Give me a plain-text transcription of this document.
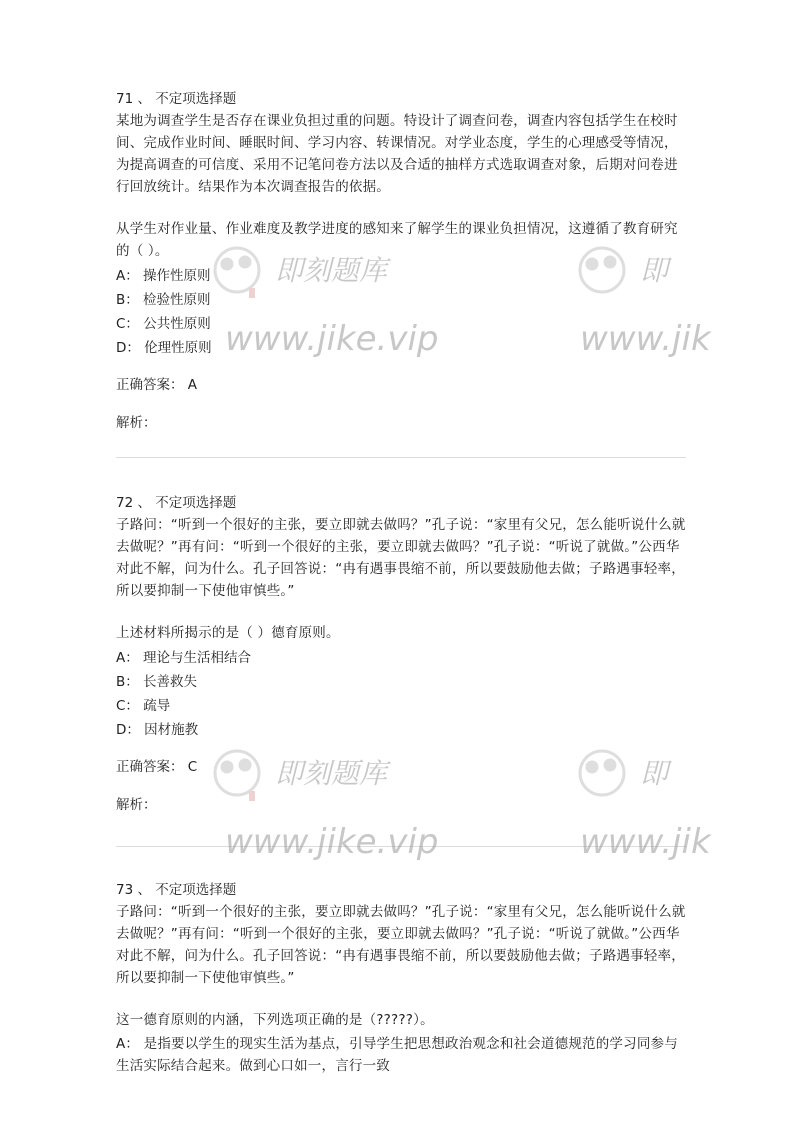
71 、 不定项选择题
某地为调查学生是否存在课业负担过重的问题。特设计了调查问卷，调查内容包括学生在校时间、完成作业时间、睡眠时间、学习内容、转课情况。对学业态度，学生的心理感受等情况，为提高调查的可信度、采用不记笔问卷方法以及合适的抽样方式选取调查对象，后期对问卷进行回放统计。结果作为本次调查报告的依据。
从学生对作业量、作业难度及教学进度的感知来了解学生的课业负担情况，这遵循了教育研究的（ ）。
A： 操作性原则
B： 检验性原则
C： 公共性原则
D： 伦理性原则
正确答案： A
解析：
72 、 不定项选择题
子路问：“听到一个很好的主张，要立即就去做吗？”孔子说：“家里有父兄，怎么能听说什么就去做呢？”再有问：“听到一个很好的主张，要立即就去做吗？”孔子说：“听说了就做。”公西华对此不解，问为什么。孔子回答说：“冉有遇事畏缩不前，所以要鼓励他去做；子路遇事轻率，所以要抑制一下使他审慎些。”
上述材料所揭示的是（ ）德育原则。
A： 理论与生活相结合
B： 长善救失
C： 疏导
D： 因材施教
正确答案： C
解析：
73 、 不定项选择题
子路问：“听到一个很好的主张，要立即就去做吗？”孔子说：“家里有父兄，怎么能听说什么就去做呢？”再有问：“听到一个很好的主张，要立即就去做吗？”孔子说：“听说了就做。”公西华对此不解，问为什么。孔子回答说：“冉有遇事畏缩不前，所以要鼓励他去做；子路遇事轻率，所以要抑制一下使他审慎些。”
这一德育原则的内涵，下列选项正确的是（?????）。
A： 是指要以学生的现实生活为基点，引导学生把思想政治观念和社会道德规范的学习同参与生活实际结合起来。做到心口如一，言行一致
即刻题库
www.jike.vip
即
www.jik
即刻题库
www.jike.vip
即
www.jik
